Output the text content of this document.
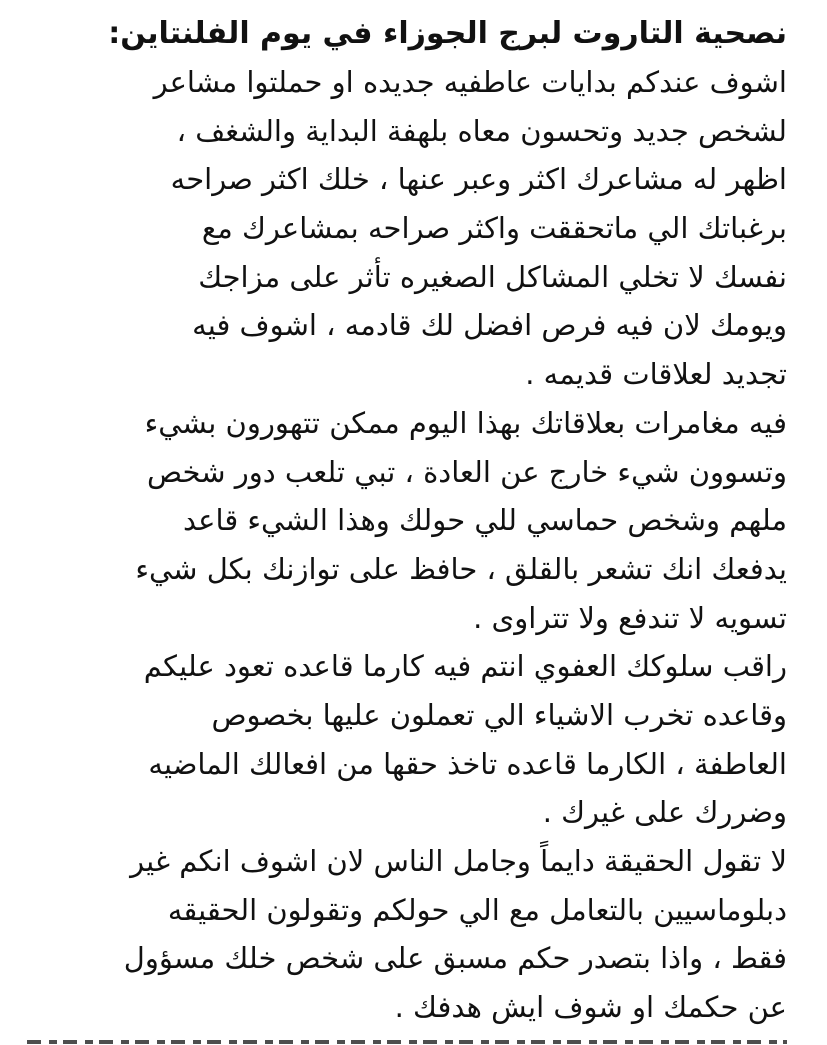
نصحية التاروت لبرج الجوزاء في يوم الفلنتاين:

اشوف عندكم بدايات عاطفيه جديده او حملتوا مشاعر

لشخص جديد وتحسون معاه بلهفة البداية والشغف ،

اظهر له مشاعرك اكثر وعبر عنها ، خلك اكثر صراحه

برغباتك الي ماتحققت واكثر صراحه بمشاعرك مع

نفسك لا تخلي المشاكل الصغيره تأثر على مزاجك

ويومك لان فيه فرص افضل لك قادمه ، اشوف فيه

تجديد لعلاقات قديمه .

فيه مغامرات بعلاقاتك بهذا اليوم ممكن تتهورون بشيء

وتسوون شيء خارج عن العادة ، تبي تلعب دور شخص

ملهم وشخص حماسي للي حولك وهذا الشيء قاعد

يدفعك انك تشعر بالقلق ، حافظ على توازنك بكل شيء

تسويه لا تندفع ولا تتراوى .

راقب سلوكك العفوي انتم فيه كارما قاعده تعود عليكم

وقاعده تخرب الاشياء الي تعملون عليها بخصوص

العاطفة ، الكارما قاعده تاخذ حقها من افعالك الماضيه

وضررك على غيرك .

لا تقول الحقيقة دايماً وجامل الناس لان اشوف انكم غير

دبلوماسيين بالتعامل مع الي حولكم وتقولون الحقيقه

فقط ، واذا بتصدر حكم مسبق على شخص خلك مسؤول

عن حكمك او شوف ايش هدفك .
